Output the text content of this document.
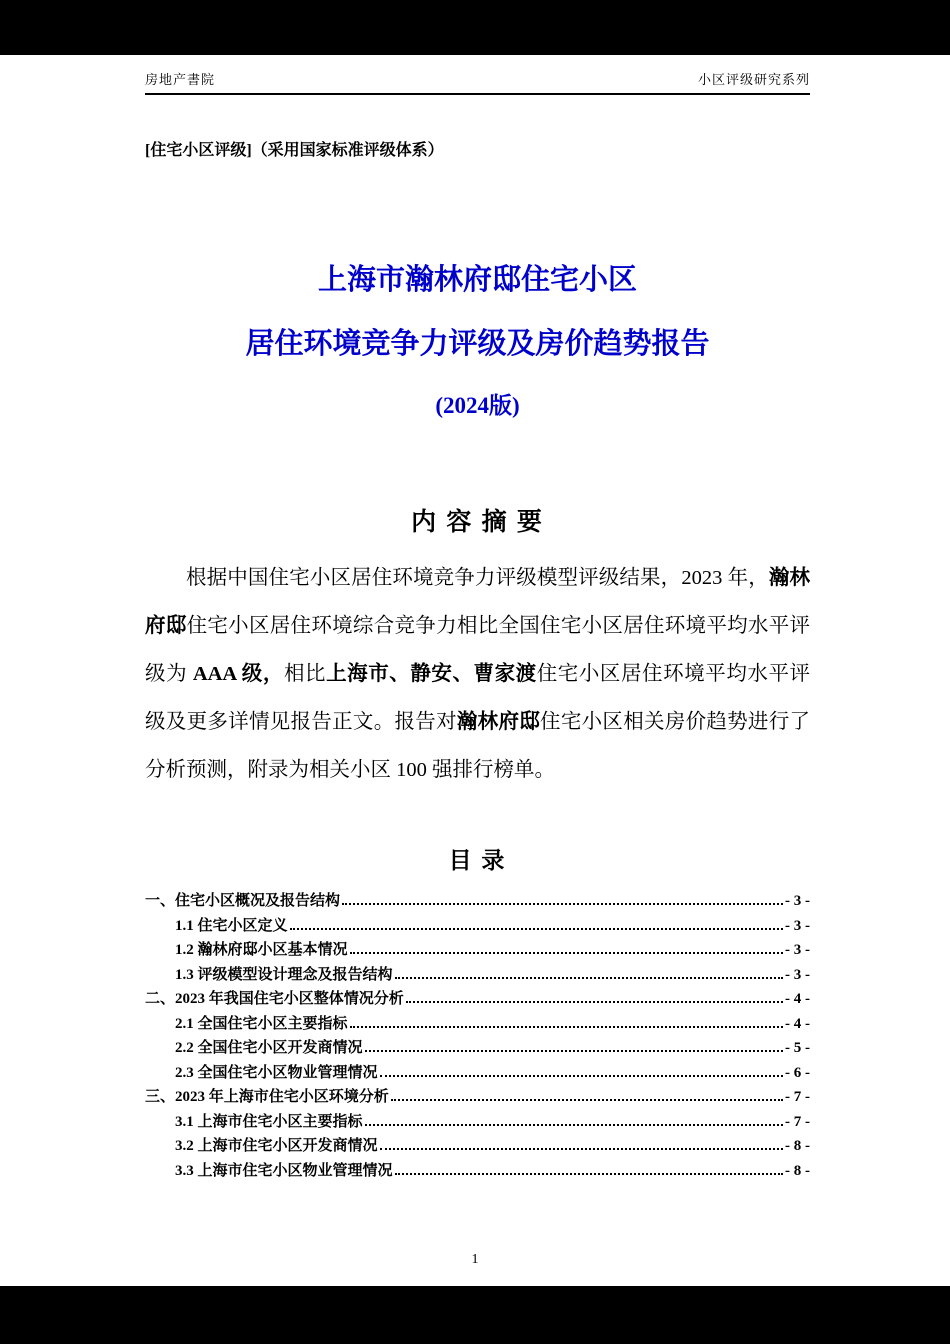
房地产書院	小区评级研究系列

[住宅小区评级]（采用国家标准评级体系）

上海市瀚林府邸住宅小区
居住环境竞争力评级及房价趋势报告
(2024版)
内 容 摘 要

根据中国住宅小区居住环境竞争力评级模型评级结果，2023 年，瀚林府邸住宅小区居住环境综合竞争力相比全国住宅小区居住环境平均水平评级为 AAA 级，相比上海市、静安、曹家渡住宅小区居住环境平均水平评级及更多详情见报告正文。报告对瀚林府邸住宅小区相关房价趋势进行了分析预测，附录为相关小区 100 强排行榜单。

目 录
一、住宅小区概况及报告结构	- 3 -
1.1 住宅小区定义	- 3 -
1.2 瀚林府邸小区基本情况	- 3 -
1.3 评级模型设计理念及报告结构	- 3 -
二、2023 年我国住宅小区整体情况分析	- 4 -
2.1 全国住宅小区主要指标	- 4 -
2.2 全国住宅小区开发商情况	- 5 -
2.3 全国住宅小区物业管理情况	- 6 -
三、2023 年上海市住宅小区环境分析	- 7 -
3.1 上海市住宅小区主要指标	- 7 -
3.2 上海市住宅小区开发商情况	- 8 -
3.3 上海市住宅小区物业管理情况	- 8 -
1
